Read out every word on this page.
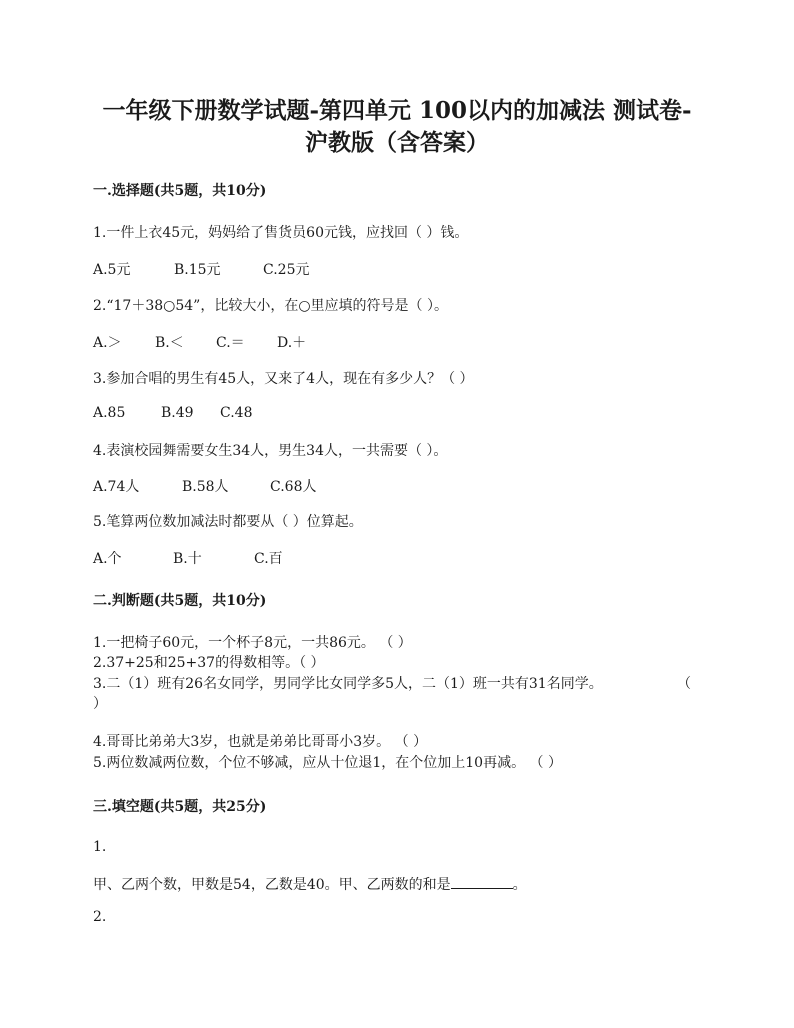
一年级下册数学试题-第四单元 100以内的加减法 测试卷-
沪教版（含答案）
一.选择题(共5题，共10分)
1.一件上衣45元，妈妈给了售货员60元钱，应找回（ ）钱。
A.5元	B.15元	C.25元
2.“17＋38○54”，比较大小，在○里应填的符号是（ ）。
A.＞ B.＜ C.＝ D.＋
3.参加合唱的男生有45人，又来了4人，现在有多少人？（ ）
A.85	B.49 C.48
4.表演校园舞需要女生34人，男生34人，一共需要（ ）。
A.74人	B.58人	C.68人
5.笔算两位数加减法时都要从（ ）位算起。
A.个	B.十	C.百
二.判断题(共5题，共10分)
1.一把椅子60元，一个杯子8元，一共86元。 （ ）
2.37+25和25+37的得数相等。（ ）
3.二（1）班有26名女同学，男同学比女同学多5人，二（1）班一共有31名同学。	（
）
4.哥哥比弟弟大3岁，也就是弟弟比哥哥小3岁。 （ ）
5.两位数减两位数，个位不够减，应从十位退1，在个位加上10再减。 （ ）
三.填空题(共5题，共25分)
1.
甲、乙两个数，甲数是54，乙数是40。甲、乙两数的和是	。
2.
